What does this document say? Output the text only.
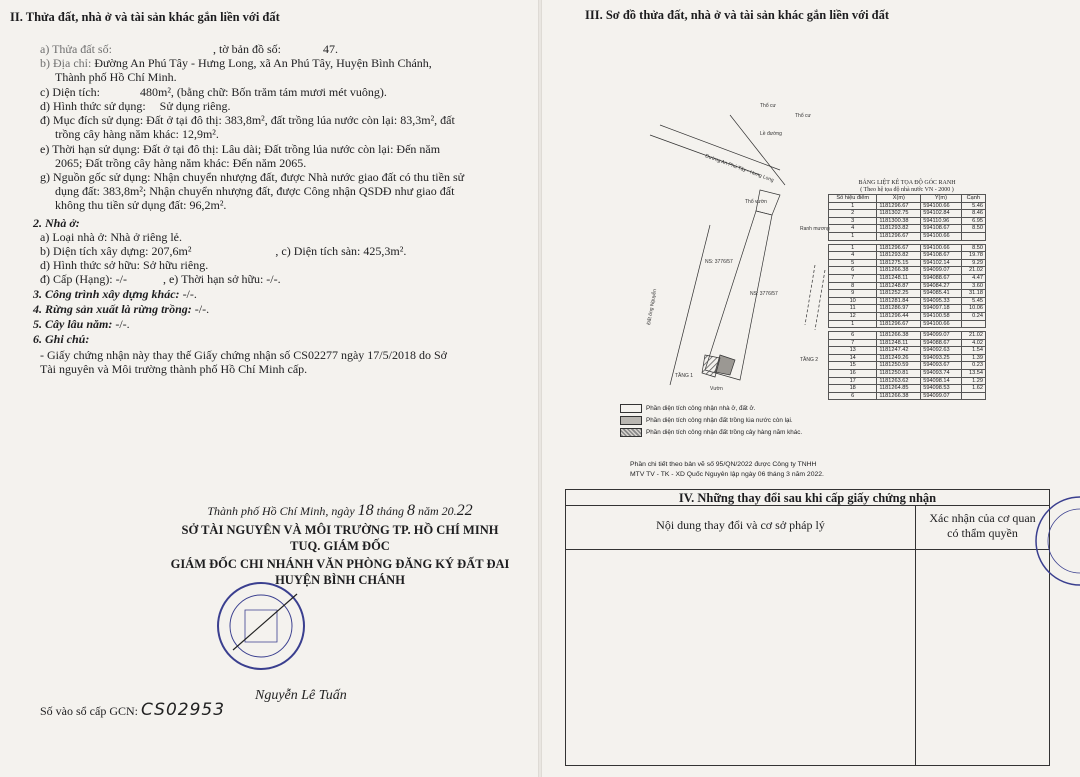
II. Thửa đất, nhà ở và tài sản khác gắn liền với đất
a) Thửa đất số:	, tờ bản đồ số:	47.
b) Địa chỉ: Đường An Phú Tây - Hưng Long, xã An Phú Tây, Huyện Bình Chánh,
Thành phố Hồ Chí Minh.
c) Diện tích:	480m², (bằng chữ: Bốn trăm tám mươi mét vuông).
d) Hình thức sử dụng: Sử dụng riêng.
đ) Mục đích sử dụng: Đất ở tại đô thị: 383,8m², đất trồng lúa nước còn lại: 83,3m², đất
trồng cây hàng năm khác: 12,9m².
e) Thời hạn sử dụng: Đất ở tại đô thị: Lâu dài; Đất trồng lúa nước còn lại: Đến năm
2065; Đất trồng cây hàng năm khác: Đến năm 2065.
g) Nguồn gốc sử dụng: Nhận chuyển nhượng đất, được Nhà nước giao đất có thu tiền sử
dụng đất: 383,8m²; Nhận chuyển nhượng đất, được Công nhận QSDĐ như giao đất
không thu tiền sử dụng đất: 96,2m².
2. Nhà ở:
a) Loại nhà ở: Nhà ở riêng lẻ.
b) Diện tích xây dựng: 207,6m²	, c) Diện tích sàn: 425,3m².
d) Hình thức sở hữu: Sở hữu riêng.
đ) Cấp (Hạng): -/-	, e) Thời hạn sở hữu: -/-.
3. Công trình xây dựng khác: -/-.
4. Rừng sản xuất là rừng trồng: -/-.
5. Cây lâu năm: -/-.
6. Ghi chú:
- Giấy chứng nhận này thay thế Giấy chứng nhận số CS02277 ngày 17/5/2018 do Sở
Tài nguyên và Môi trường thành phố Hồ Chí Minh cấp.
Thành phố Hồ Chí Minh, ngày 18 tháng 8 năm 20.22
SỞ TÀI NGUYÊN VÀ MÔI TRƯỜNG TP. HỒ CHÍ MINH
TUQ. GIÁM ĐỐC
GIÁM ĐỐC CHI NHÁNH VĂN PHÒNG ĐĂNG KÝ ĐẤT ĐAI
HUYỆN BÌNH CHÁNH
Số vào sổ cấp GCN: CS02953
Nguyễn Lê Tuấn
III. Sơ đồ thửa đất, nhà ở và tài sản khác gắn liền với đất
Thổ cư
Thổ cư
Lề đường
Đường An Phú Tây - Hưng Long
Thổ vườn
Ranh mương
NS: 3776/57
NS: 3776/57
Đất ông Nguyễn
TẦNG 2
TẦNG 1
Vườn
BẢNG LIỆT KÊ TỌA ĐỘ GÓC RANH
( Theo hệ tọa độ nhà nước VN - 2000 )
Số hiệu điểm	X(m)	Y(m)	Cạnh
1	1181296.67	594100.66	5.46
2	1181302.75	594102.84	8.46
3	1181300.38	594110.96	6.95
4	1181293.82	594108.67	8.50
1	1181296.67	594100.66	

1	1181296.67	594100.66	8.50
4	1181293.82	594108.67	19.78
5	1181275.15	594102.14	9.29
6	1181266.38	594099.07	21.02
7	1181248.11	594088.67	4.47
8	1181248.87	594084.27	3.60
9	1181252.25	594085.41	31.18
10	1181281.84	594095.33	5.45
11	1181286.97	594097.18	10.06
12	1181296.44	594100.58	0.24
1	1181296.67	594100.66	

6	1181266.38	594099.07	21.02
7	1181248.11	594088.67	4.02
13	1181247.42	594092.63	1.54
14	1181249.26	594093.25	1.39
15	1181250.59	594093.67	0.23
16	1181250.81	594093.74	13.54
17	1181263.62	594098.14	1.29
18	1181264.85	594098.53	1.62
6	1181266.38	594099.07	
Phần diện tích công nhận nhà ở, đất ở.
Phần diện tích công nhận đất trồng lúa nước còn lại.
Phần diện tích công nhận đất trồng cây hàng năm khác.
Phần chi tiết theo bản vẽ số 95/QN/2022 được Công ty TNHH
MTV TV - TK - XD Quốc Nguyên lập ngày 06 tháng 3 năm 2022.
IV. Những thay đổi sau khi cấp giấy chứng nhận
Nội dung thay đổi và cơ sở pháp lý	Xác nhận của cơ quan
có thẩm quyền
